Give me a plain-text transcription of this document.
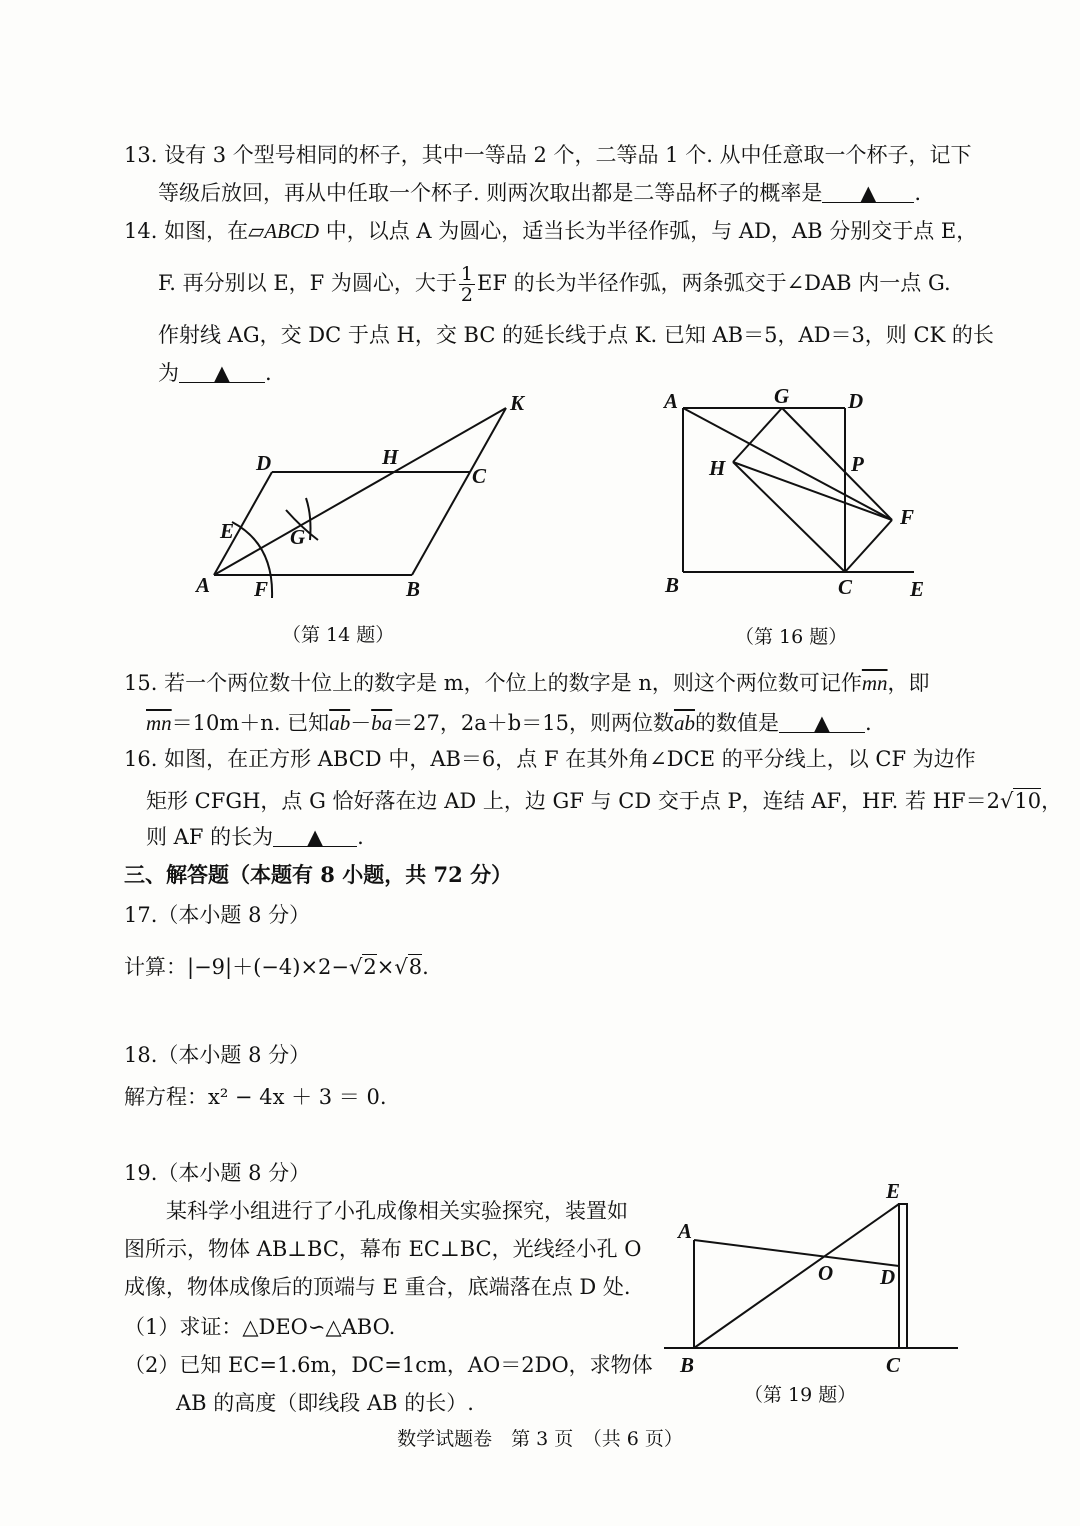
13. 设有 3 个型号相同的杯子，其中一等品 2 个，二等品 1 个. 从中任意取一个杯子，记下
等级后放回，再从中任取一个杯子. 则两次取出都是二等品杯子的概率是 ▲ .
14. 如图，在▱ABCD 中，以点 A 为圆心，适当长为半径作弧，与 AD，AB 分别交于点 E，
F. 再分别以 E，F 为圆心，大于 $\frac{1}{2}$ EF 的长为半径作弧，两条弧交于∠DAB 内一点 G.
作射线 AG，交 DC 于点 H，交 BC 的延长线于点 K. 已知 AB＝5，AD＝3，则 CK 的长
为 ▲ .
A	B
C
D
E
F
G
H
K
（第 14 题）
A
B	C
D
E
F
G
H	P
（第 16 题）
15. 若一个两位数十位上的数字是 m，个位上的数字是 n，则这个两位数可记作$\overline{mn}$，即
$\overline{mn}=10m+n$. 已知$\overline{ab}-\overline{ba}=27$，2a＋b＝15，则两位数$\overline{ab}$的数值是 ▲ .
16. 如图，在正方形 ABCD 中，AB＝6，点 F 在其外角∠DCE 的平分线上，以 CF 为边作
矩形 CFGH，点 G 恰好落在边 AD 上，边 GF 与 CD 交于点 P，连结 AF，HF. 若 HF＝2√10，
则 AF 的长为 ▲ .
三、解答题（本题有 8 小题，共 72 分）
17.（本小题 8 分）
计算：|−9|＋(−4)×2−√2×√8.
18.（本小题 8 分）
解方程：x² − 4x ＋ 3 ＝ 0.
19.（本小题 8 分）
某科学小组进行了小孔成像相关实验探究，装置如
图所示，物体 AB⊥BC，幕布 EC⊥BC，光线经小孔 O
成像，物体成像后的顶端与 E 重合，底端落在点 D 处.
（1）求证：△DEO∽△ABO.
（2）已知 EC=1.6m，DC=1cm，AO＝2DO，求物体
AB 的高度（即线段 AB 的长）.
A
B	C
D
E
O
（第 19 题）
数学试题卷　第 3 页　（共 6 页）
